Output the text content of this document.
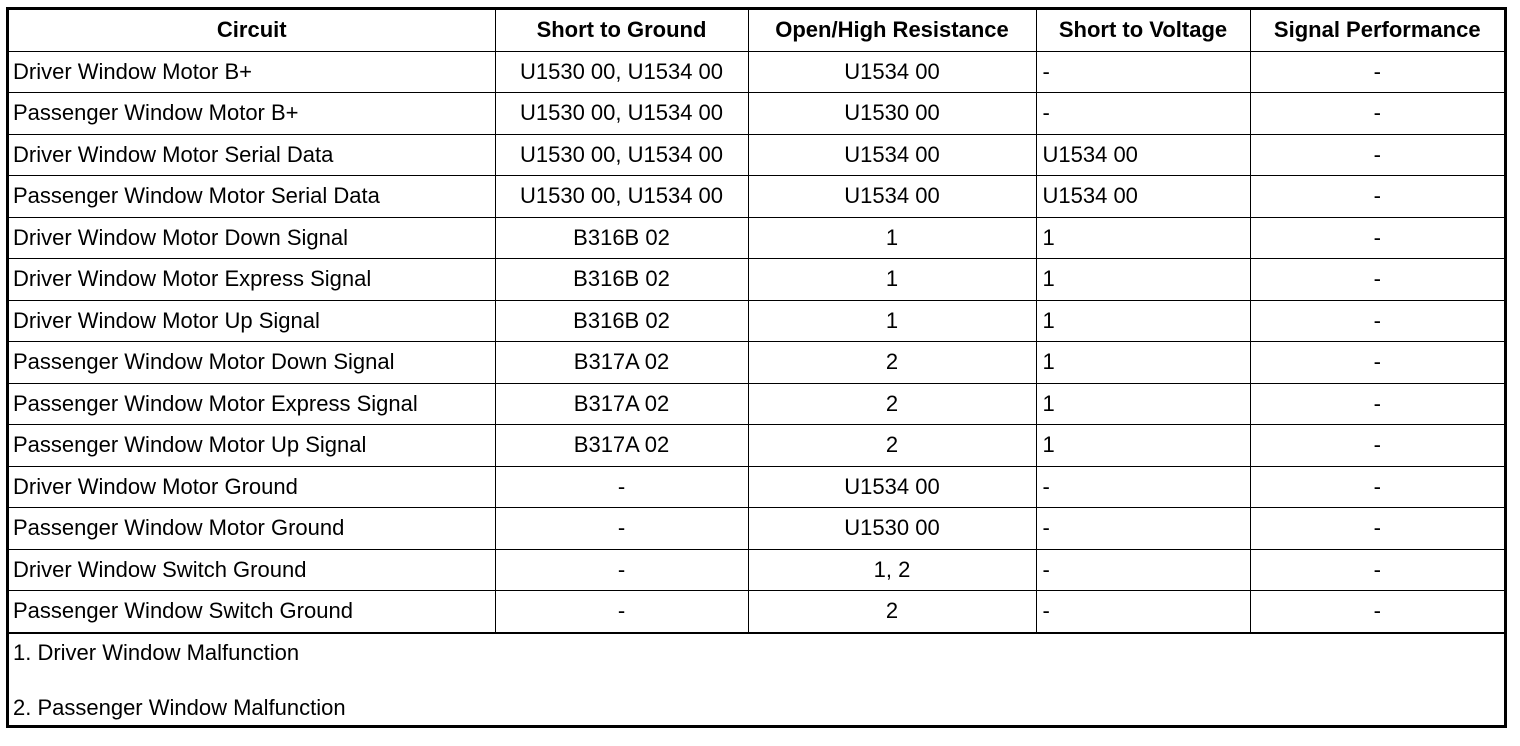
Circuit	Short to Ground	Open/High Resistance	Short to Voltage	Signal Performance
Driver Window Motor B+	U1530 00, U1534 00	U1534 00	-	-
Passenger Window Motor B+	U1530 00, U1534 00	U1530 00	-	-
Driver Window Motor Serial Data	U1530 00, U1534 00	U1534 00	U1534 00	-
Passenger Window Motor Serial Data	U1530 00, U1534 00	U1534 00	U1534 00	-
Driver Window Motor Down Signal	B316B 02	1	1	-
Driver Window Motor Express Signal	B316B 02	1	1	-
Driver Window Motor Up Signal	B316B 02	1	1	-
Passenger Window Motor Down Signal	B317A 02	2	1	-
Passenger Window Motor Express Signal	B317A 02	2	1	-
Passenger Window Motor Up Signal	B317A 02	2	1	-
Driver Window Motor Ground	-	U1534 00	-	-
Passenger Window Motor Ground	-	U1530 00	-	-
Driver Window Switch Ground	-	1, 2	-	-
Passenger Window Switch Ground	-	2	-	-
1. Driver Window Malfunction
2. Passenger Window Malfunction
